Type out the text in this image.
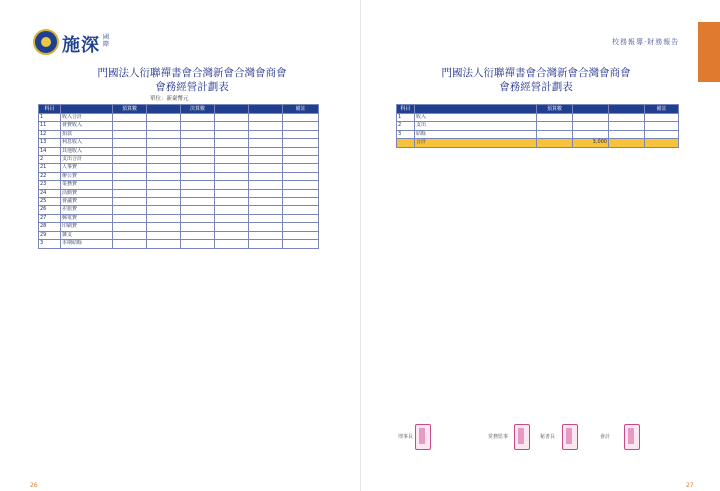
施深 國際
門國法人衍聯禪書會合灣新會合灣會商會
會務經營計劃表
單位：新臺幣元
科目		預算數		決算數			備註
1	收入合計						
11	會費收入						
12	捐款						
13	利息收入						
14	其他收入						
2	支出合計						
21	人事費						
22	辦公費						
23	業務費						
24	活動費						
25	會議費						
26	差旅費						
27	郵電費						
28	印刷費						
29	雜支						
3	本期結餘						
校務報導‧財務報告
門國法人衍聯禪書會合灣新會合灣會商會
會務經營計劃表
科目		預算數			備註
1	收入				
2	支出				
3	結餘				
	合計		3,000		
理事長	常務監事	秘書長	會計
26	27
